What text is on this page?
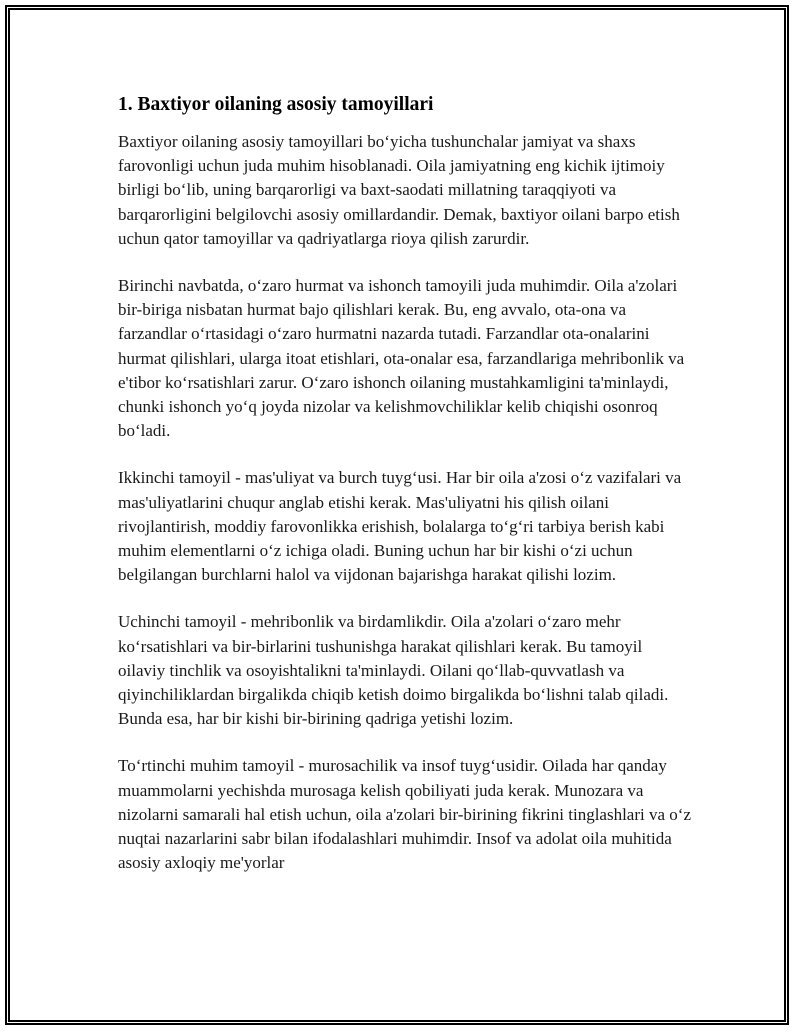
1. Baxtiyor oilaning asosiy tamoyillari

Baxtiyor oilaning asosiy tamoyillari bo‘yicha tushunchalar jamiyat va shaxs farovonligi uchun juda muhim hisoblanadi. Oila jamiyatning eng kichik ijtimoiy birligi bo‘lib, uning barqarorligi va baxt-saodati millatning taraqqiyoti va barqarorligini belgilovchi asosiy omillardandir. Demak, baxtiyor oilani barpo etish uchun qator tamoyillar va qadriyatlarga rioya qilish zarurdir.

Birinchi navbatda, o‘zaro hurmat va ishonch tamoyili juda muhimdir. Oila a'zolari bir-biriga nisbatan hurmat bajo qilishlari kerak. Bu, eng avvalo, ota-ona va farzandlar o‘rtasidagi o‘zaro hurmatni nazarda tutadi. Farzandlar ota-onalarini hurmat qilishlari, ularga itoat etishlari, ota-onalar esa, farzandlariga mehribonlik va e'tibor ko‘rsatishlari zarur. O‘zaro ishonch oilaning mustahkamligini ta'minlaydi, chunki ishonch yo‘q joyda nizolar va kelishmovchiliklar kelib chiqishi osonroq bo‘ladi.

Ikkinchi tamoyil - mas'uliyat va burch tuyg‘usi. Har bir oila a'zosi o‘z vazifalari va mas'uliyatlarini chuqur anglab etishi kerak. Mas'uliyatni his qilish oilani rivojlantirish, moddiy farovonlikka erishish, bolalarga to‘g‘ri tarbiya berish kabi muhim elementlarni o‘z ichiga oladi. Buning uchun har bir kishi o‘zi uchun belgilangan burchlarni halol va vijdonan bajarishga harakat qilishi lozim.

Uchinchi tamoyil - mehribonlik va birdamlikdir. Oila a'zolari o‘zaro mehr ko‘rsatishlari va bir-birlarini tushunishga harakat qilishlari kerak. Bu tamoyil oilaviy tinchlik va osoyishtalikni ta'minlaydi. Oilani qo‘llab-quvvatlash va qiyinchiliklardan birgalikda chiqib ketish doimo birgalikda bo‘lishni talab qiladi. Bunda esa, har bir kishi bir-birining qadriga yetishi lozim.

To‘rtinchi muhim tamoyil - murosachilik va insof tuyg‘usidir. Oilada har qanday muammolarni yechishda murosaga kelish qobiliyati juda kerak. Munozara va nizolarni samarali hal etish uchun, oila a'zolari bir-birining fikrini tinglashlari va o‘z nuqtai nazarlarini sabr bilan ifodalashlari muhimdir. Insof va adolat oila muhitida asosiy axloqiy me'yorlar
